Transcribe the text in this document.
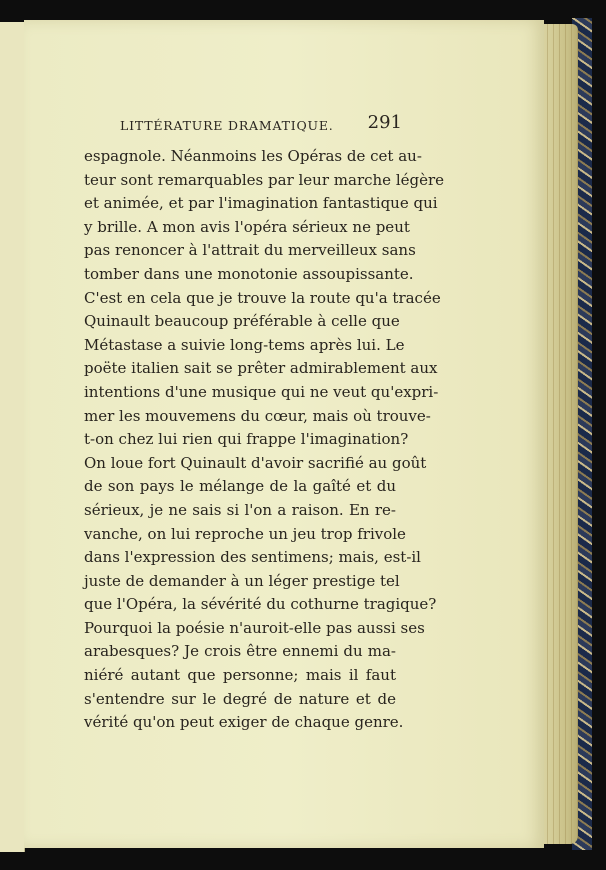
LITTÉRATURE DRAMATIQUE. 291
espagnole. Néanmoins les Opéras de cet au-
teur sont remarquables par leur marche légère
et animée, et par l'imagination fantastique qui
y brille. A mon avis l'opéra sérieux ne peut
pas renoncer à l'attrait du merveilleux sans
tomber dans une monotonie assoupissante.
C'est en cela que je trouve la route qu'a tracée
Quinault beaucoup préférable à celle que
Métastase a suivie long-tems après lui. Le
poëte italien sait se prêter admirablement aux
intentions d'une musique qui ne veut qu'expri-
mer les mouvemens du cœur, mais où trouve-
t-on chez lui rien qui frappe l'imagination?
On loue fort Quinault d'avoir sacrifié au goût
de son pays le mélange de la gaîté et du
sérieux, je ne sais si l'on a raison. En re-
vanche, on lui reproche un jeu trop frivole
dans l'expression des sentimens; mais, est-il
juste de demander à un léger prestige tel
que l'Opéra, la sévérité du cothurne tragique?
Pourquoi la poésie n'auroit-elle pas aussi ses
arabesques? Je crois être ennemi du ma-
niéré autant que personne; mais il faut
s'entendre sur le degré de nature et de
vérité qu'on peut exiger de chaque genre.
